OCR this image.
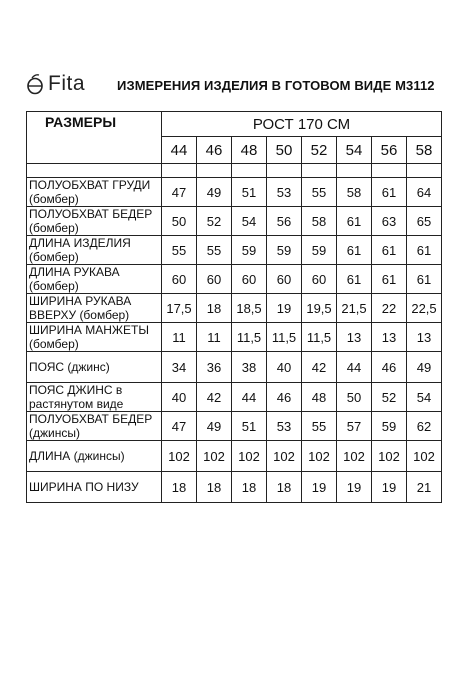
Fita ИЗМЕРЕНИЯ ИЗДЕЛИЯ В ГОТОВОМ ВИДЕ М3112
РАЗМЕРЫ	РОСТ 170 СМ							
	44	46	48	50	52	54	56	58

ПОЛУОБХВАТ ГРУДИ
(бомбер)	47	49	51	53	55	58	61	64

ПОЛУОБХВАТ БЕДЕР
(бомбер)	50	52	54	56	58	61	63	65

ДЛИНА ИЗДЕЛИЯ
(бомбер)	55	55	59	59	59	61	61	61

ДЛИНА РУКАВА
(бомбер)	60	60	60	60	60	61	61	61

ШИРИНА РУКАВА
ВВЕРХУ (бомбер)	17,5	18	18,5	19	19,5	21,5	22	22,5

ШИРИНА МАНЖЕТЫ
(бомбер)	11	11	11,5	11,5	11,5	13	13	13

ПОЯС (джинс)	34	36	38	40	42	44	46	49

ПОЯС ДЖИНС в
растянутом виде	40	42	44	46	48	50	52	54

ПОЛУОБХВАТ БЕДЕР
(джинсы)	47	49	51	53	55	57	59	62

ДЛИНА (джинсы)	102	102	102	102	102	102	102	102

ШИРИНА ПО НИЗУ	18	18	18	18	19	19	19	21
